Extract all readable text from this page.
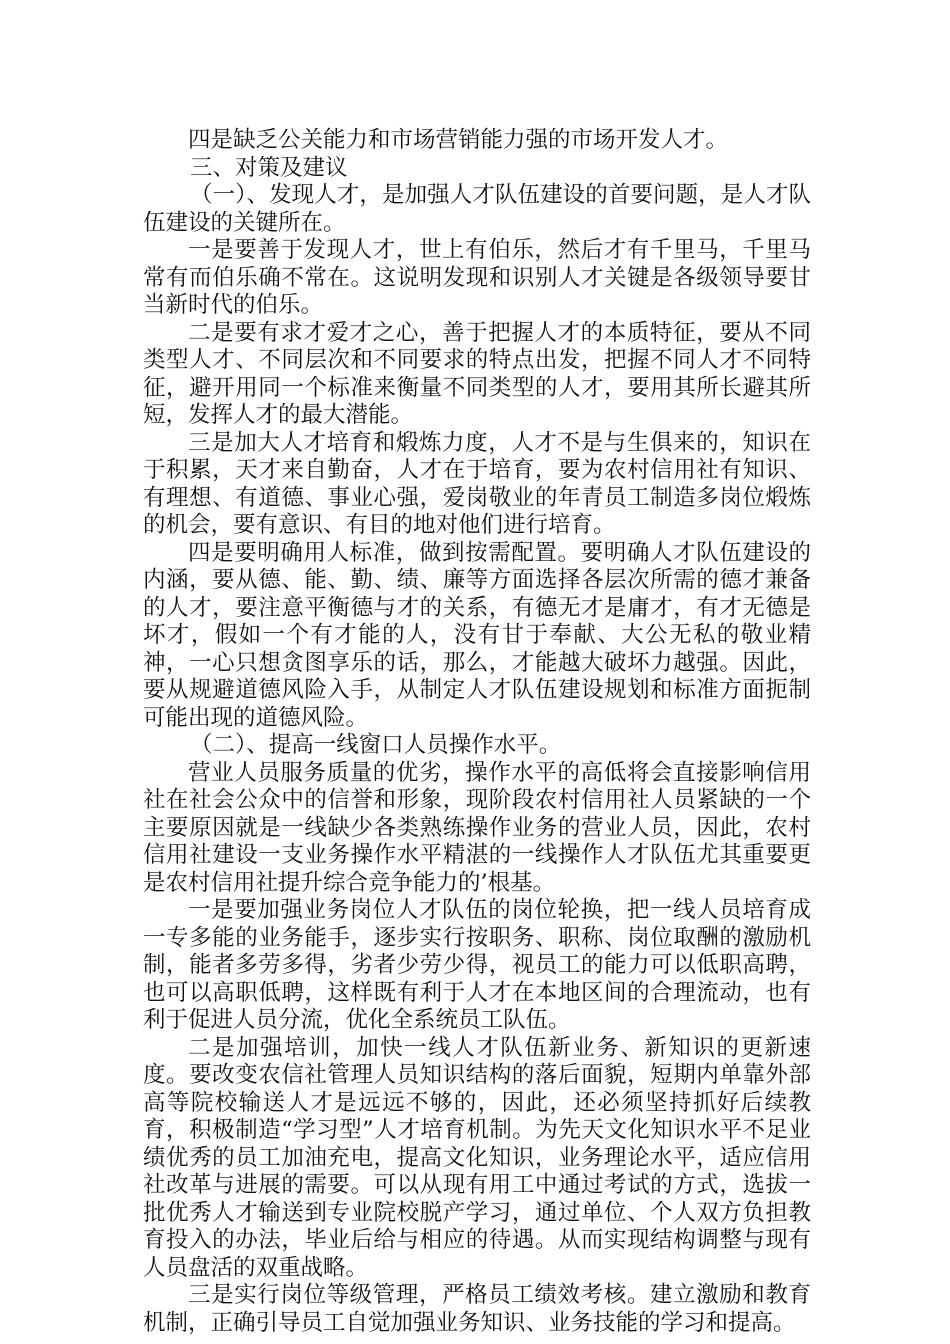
四是缺乏公关能力和市场营销能力强的市场开发人才。

三、对策及建议

（一）、发现人才，是加强人才队伍建设的首要问题，是人才队伍建设的关键所在。

一是要善于发现人才，世上有伯乐，然后才有千里马，千里马常有而伯乐确不常在。这说明发现和识别人才关键是各级领导要甘当新时代的伯乐。

二是要有求才爱才之心，善于把握人才的本质特征，要从不同类型人才、不同层次和不同要求的特点出发，把握不同人才不同特征，避开用同一个标准来衡量不同类型的人才，要用其所长避其所短，发挥人才的最大潜能。

三是加大人才培育和煅炼力度，人才不是与生俱来的，知识在于积累，天才来自勤奋，人才在于培育，要为农村信用社有知识、有理想、有道德、事业心强，爱岗敬业的年青员工制造多岗位煅炼的机会，要有意识、有目的地对他们进行培育。

四是要明确用人标准，做到按需配置。要明确人才队伍建设的内涵，要从德、能、勤、绩、廉等方面选择各层次所需的德才兼备的人才，要注意平衡德与才的关系，有德无才是庸才，有才无德是坏才，假如一个有才能的人，没有甘于奉献、大公无私的敬业精神，一心只想贪图享乐的话，那么，才能越大破坏力越强。因此，要从规避道德风险入手，从制定人才队伍建设规划和标准方面扼制可能出现的道德风险。

（二）、提高一线窗口人员操作水平。

营业人员服务质量的优劣，操作水平的高低将会直接影响信用社在社会公众中的信誉和形象，现阶段农村信用社人员紧缺的一个主要原因就是一线缺少各类熟练操作业务的营业人员，因此，农村信用社建设一支业务操作水平精湛的一线操作人才队伍尤其重要更是农村信用社提升综合竞争能力的’根基。

一是要加强业务岗位人才队伍的岗位轮换，把一线人员培育成一专多能的业务能手，逐步实行按职务、职称、岗位取酬的激励机制，能者多劳多得，劣者少劳少得，视员工的能力可以低职高聘，也可以高职低聘，这样既有利于人才在本地区间的合理流动，也有利于促进人员分流，优化全系统员工队伍。

二是加强培训，加快一线人才队伍新业务、新知识的更新速度。要改变农信社管理人员知识结构的落后面貌，短期内单靠外部高等院校输送人才是远远不够的，因此，还必须坚持抓好后续教育，积极制造“学习型”人才培育机制。为先天文化知识水平不足业绩优秀的员工加油充电，提高文化知识，业务理论水平，适应信用社改革与进展的需要。可以从现有用工中通过考试的方式，选拔一批优秀人才输送到专业院校脱产学习，通过单位、个人双方负担教育投入的办法，毕业后给与相应的待遇。从而实现结构调整与现有人员盘活的双重战略。

三是实行岗位等级管理，严格员工绩效考核。建立激励和教育机制，正确引导员工自觉加强业务知识、业务技能的学习和提高。
